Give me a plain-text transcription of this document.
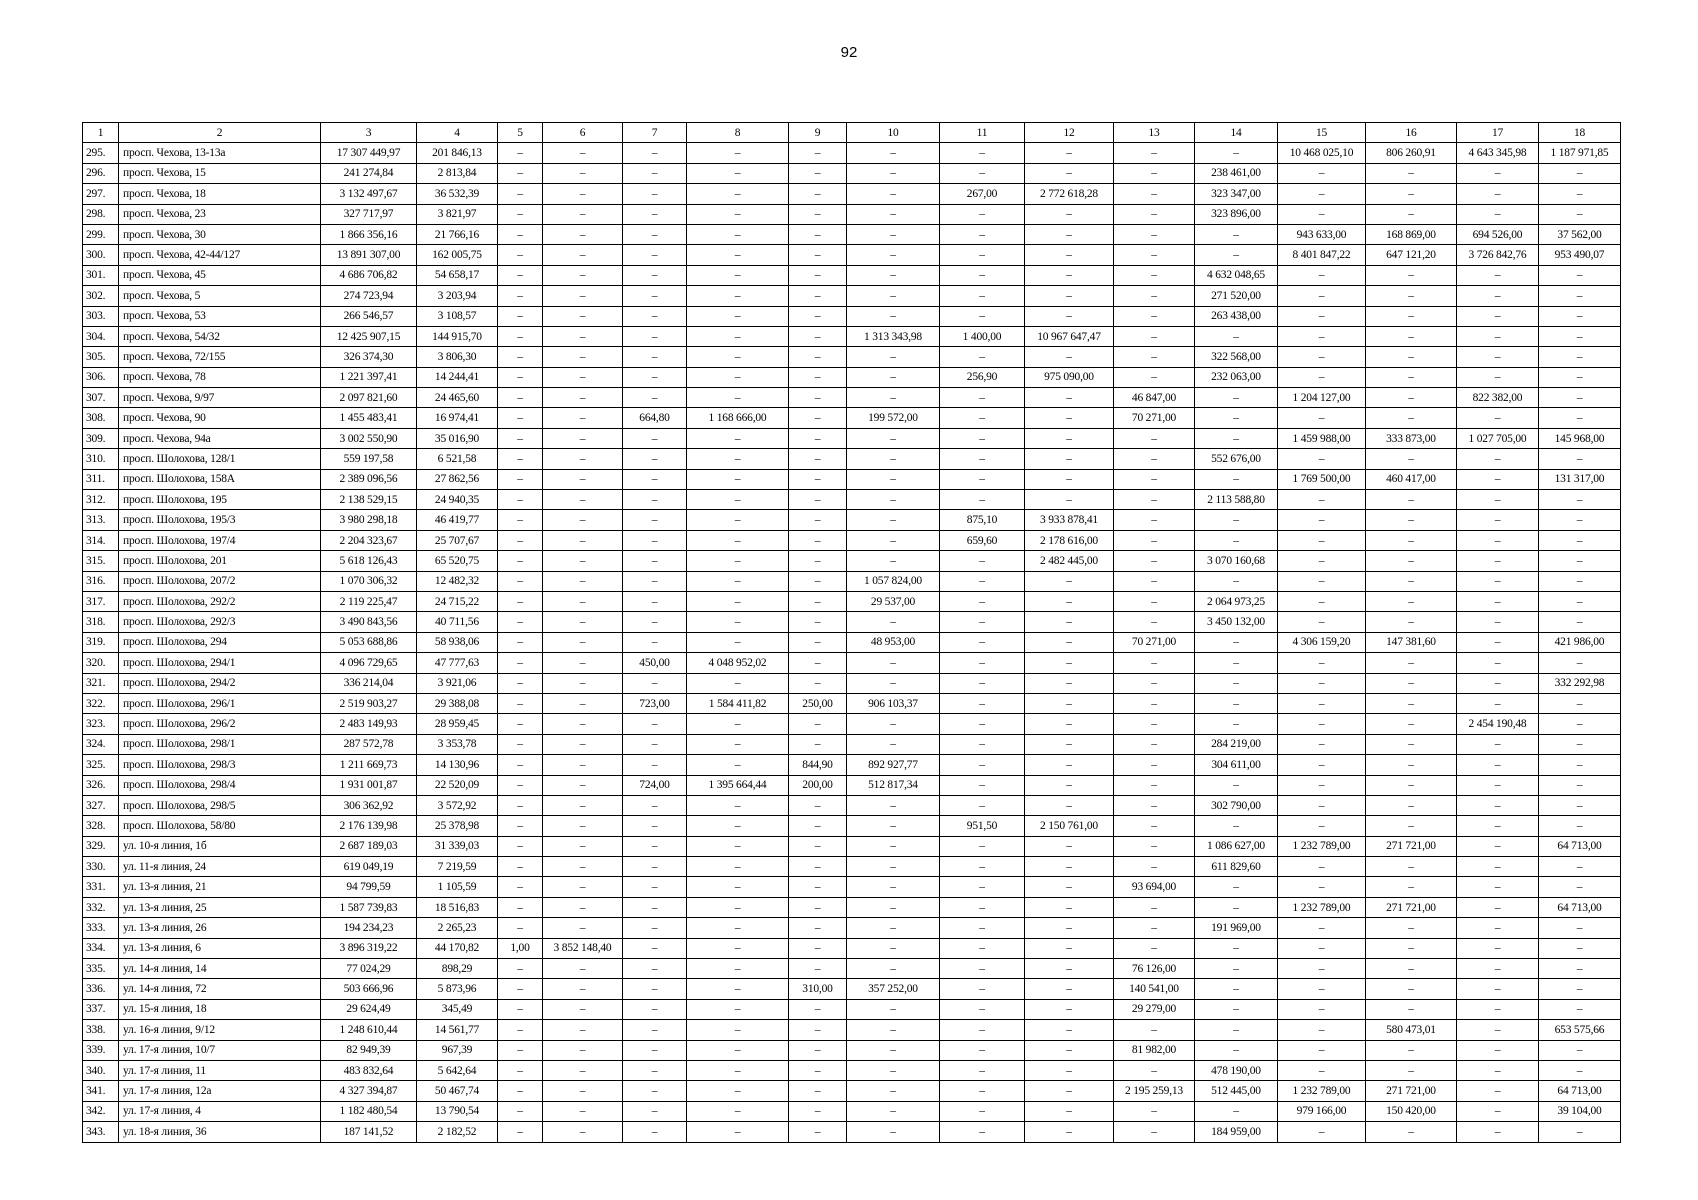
92
1	2	3	4	5	6	7	8	9	10	11	12	13	14	15	16	17	18
295.	просп. Чехова, 13-13а	17 307 449,97	201 846,13	–	–	–	–	–	–	–	–	–	–	10 468 025,10	806 260,91	4 643 345,98	1 187 971,85
296.	просп. Чехова, 15	241 274,84	2 813,84	–	–	–	–	–	–	–	–	–	238 461,00	–	–	–	–
297.	просп. Чехова, 18	3 132 497,67	36 532,39	–	–	–	–	–	–	267,00	2 772 618,28	–	323 347,00	–	–	–	–
298.	просп. Чехова, 23	327 717,97	3 821,97	–	–	–	–	–	–	–	–	–	323 896,00	–	–	–	–
299.	просп. Чехова, 30	1 866 356,16	21 766,16	–	–	–	–	–	–	–	–	–	–	943 633,00	168 869,00	694 526,00	37 562,00
300.	просп. Чехова, 42-44/127	13 891 307,00	162 005,75	–	–	–	–	–	–	–	–	–	–	8 401 847,22	647 121,20	3 726 842,76	953 490,07
301.	просп. Чехова, 45	4 686 706,82	54 658,17	–	–	–	–	–	–	–	–	–	4 632 048,65	–	–	–	–
302.	просп. Чехова, 5	274 723,94	3 203,94	–	–	–	–	–	–	–	–	–	271 520,00	–	–	–	–
303.	просп. Чехова, 53	266 546,57	3 108,57	–	–	–	–	–	–	–	–	–	263 438,00	–	–	–	–
304.	просп. Чехова, 54/32	12 425 907,15	144 915,70	–	–	–	–	–	1 313 343,98	1 400,00	10 967 647,47	–	–	–	–	–	–
305.	просп. Чехова, 72/155	326 374,30	3 806,30	–	–	–	–	–	–	–	–	–	322 568,00	–	–	–	–
306.	просп. Чехова, 78	1 221 397,41	14 244,41	–	–	–	–	–	–	256,90	975 090,00	–	232 063,00	–	–	–	–
307.	просп. Чехова, 9/97	2 097 821,60	24 465,60	–	–	–	–	–	–	–	–	46 847,00	–	1 204 127,00	–	822 382,00	–
308.	просп. Чехова, 90	1 455 483,41	16 974,41	–	–	664,80	1 168 666,00	–	199 572,00	–	–	70 271,00	–	–	–	–	–
309.	просп. Чехова, 94а	3 002 550,90	35 016,90	–	–	–	–	–	–	–	–	–	–	1 459 988,00	333 873,00	1 027 705,00	145 968,00
310.	просп. Шолохова, 128/1	559 197,58	6 521,58	–	–	–	–	–	–	–	–	–	552 676,00	–	–	–	–
311.	просп. Шолохова, 158А	2 389 096,56	27 862,56	–	–	–	–	–	–	–	–	–	–	1 769 500,00	460 417,00	–	131 317,00
312.	просп. Шолохова, 195	2 138 529,15	24 940,35	–	–	–	–	–	–	–	–	–	2 113 588,80	–	–	–	–
313.	просп. Шолохова, 195/3	3 980 298,18	46 419,77	–	–	–	–	–	–	875,10	3 933 878,41	–	–	–	–	–	–
314.	просп. Шолохова, 197/4	2 204 323,67	25 707,67	–	–	–	–	–	–	659,60	2 178 616,00	–	–	–	–	–	–
315.	просп. Шолохова, 201	5 618 126,43	65 520,75	–	–	–	–	–	–	–	2 482 445,00	–	3 070 160,68	–	–	–	–
316.	просп. Шолохова, 207/2	1 070 306,32	12 482,32	–	–	–	–	–	1 057 824,00	–	–	–	–	–	–	–	–
317.	просп. Шолохова, 292/2	2 119 225,47	24 715,22	–	–	–	–	–	29 537,00	–	–	–	2 064 973,25	–	–	–	–
318.	просп. Шолохова, 292/3	3 490 843,56	40 711,56	–	–	–	–	–	–	–	–	–	3 450 132,00	–	–	–	–
319.	просп. Шолохова, 294	5 053 688,86	58 938,06	–	–	–	–	–	48 953,00	–	–	70 271,00	–	4 306 159,20	147 381,60	–	421 986,00
320.	просп. Шолохова, 294/1	4 096 729,65	47 777,63	–	–	450,00	4 048 952,02	–	–	–	–	–	–	–	–	–	–
321.	просп. Шолохова, 294/2	336 214,04	3 921,06	–	–	–	–	–	–	–	–	–	–	–	–	–	332 292,98
322.	просп. Шолохова, 296/1	2 519 903,27	29 388,08	–	–	723,00	1 584 411,82	250,00	906 103,37	–	–	–	–	–	–	–	–
323.	просп. Шолохова, 296/2	2 483 149,93	28 959,45	–	–	–	–	–	–	–	–	–	–	–	–	2 454 190,48	–
324.	просп. Шолохова, 298/1	287 572,78	3 353,78	–	–	–	–	–	–	–	–	–	284 219,00	–	–	–	–
325.	просп. Шолохова, 298/3	1 211 669,73	14 130,96	–	–	–	–	844,90	892 927,77	–	–	–	304 611,00	–	–	–	–
326.	просп. Шолохова, 298/4	1 931 001,87	22 520,09	–	–	724,00	1 395 664,44	200,00	512 817,34	–	–	–	–	–	–	–	–
327.	просп. Шолохова, 298/5	306 362,92	3 572,92	–	–	–	–	–	–	–	–	–	302 790,00	–	–	–	–
328.	просп. Шолохова, 58/80	2 176 139,98	25 378,98	–	–	–	–	–	–	951,50	2 150 761,00	–	–	–	–	–	–
329.	ул. 10-я линия, 1б	2 687 189,03	31 339,03	–	–	–	–	–	–	–	–	–	1 086 627,00	1 232 789,00	271 721,00	–	64 713,00
330.	ул. 11-я линия, 24	619 049,19	7 219,59	–	–	–	–	–	–	–	–	–	611 829,60	–	–	–	–
331.	ул. 13-я линия, 21	94 799,59	1 105,59	–	–	–	–	–	–	–	–	93 694,00	–	–	–	–	–
332.	ул. 13-я линия, 25	1 587 739,83	18 516,83	–	–	–	–	–	–	–	–	–	–	1 232 789,00	271 721,00	–	64 713,00
333.	ул. 13-я линия, 26	194 234,23	2 265,23	–	–	–	–	–	–	–	–	–	191 969,00	–	–	–	–
334.	ул. 13-я линия, 6	3 896 319,22	44 170,82	1,00	3 852 148,40	–	–	–	–	–	–	–	–	–	–	–	–
335.	ул. 14-я линия, 14	77 024,29	898,29	–	–	–	–	–	–	–	–	76 126,00	–	–	–	–	–
336.	ул. 14-я линия, 72	503 666,96	5 873,96	–	–	–	–	310,00	357 252,00	–	–	140 541,00	–	–	–	–	–
337.	ул. 15-я линия, 18	29 624,49	345,49	–	–	–	–	–	–	–	–	29 279,00	–	–	–	–	–
338.	ул. 16-я линия, 9/12	1 248 610,44	14 561,77	–	–	–	–	–	–	–	–	–	–	–	580 473,01	–	653 575,66
339.	ул. 17-я линия, 10/7	82 949,39	967,39	–	–	–	–	–	–	–	–	81 982,00	–	–	–	–	–
340.	ул. 17-я линия, 11	483 832,64	5 642,64	–	–	–	–	–	–	–	–	–	478 190,00	–	–	–	–
341.	ул. 17-я линия, 12а	4 327 394,87	50 467,74	–	–	–	–	–	–	–	–	2 195 259,13	512 445,00	1 232 789,00	271 721,00	–	64 713,00
342.	ул. 17-я линия, 4	1 182 480,54	13 790,54	–	–	–	–	–	–	–	–	–	–	979 166,00	150 420,00	–	39 104,00
343.	ул. 18-я линия, 36	187 141,52	2 182,52	–	–	–	–	–	–	–	–	–	184 959,00	–	–	–	–
